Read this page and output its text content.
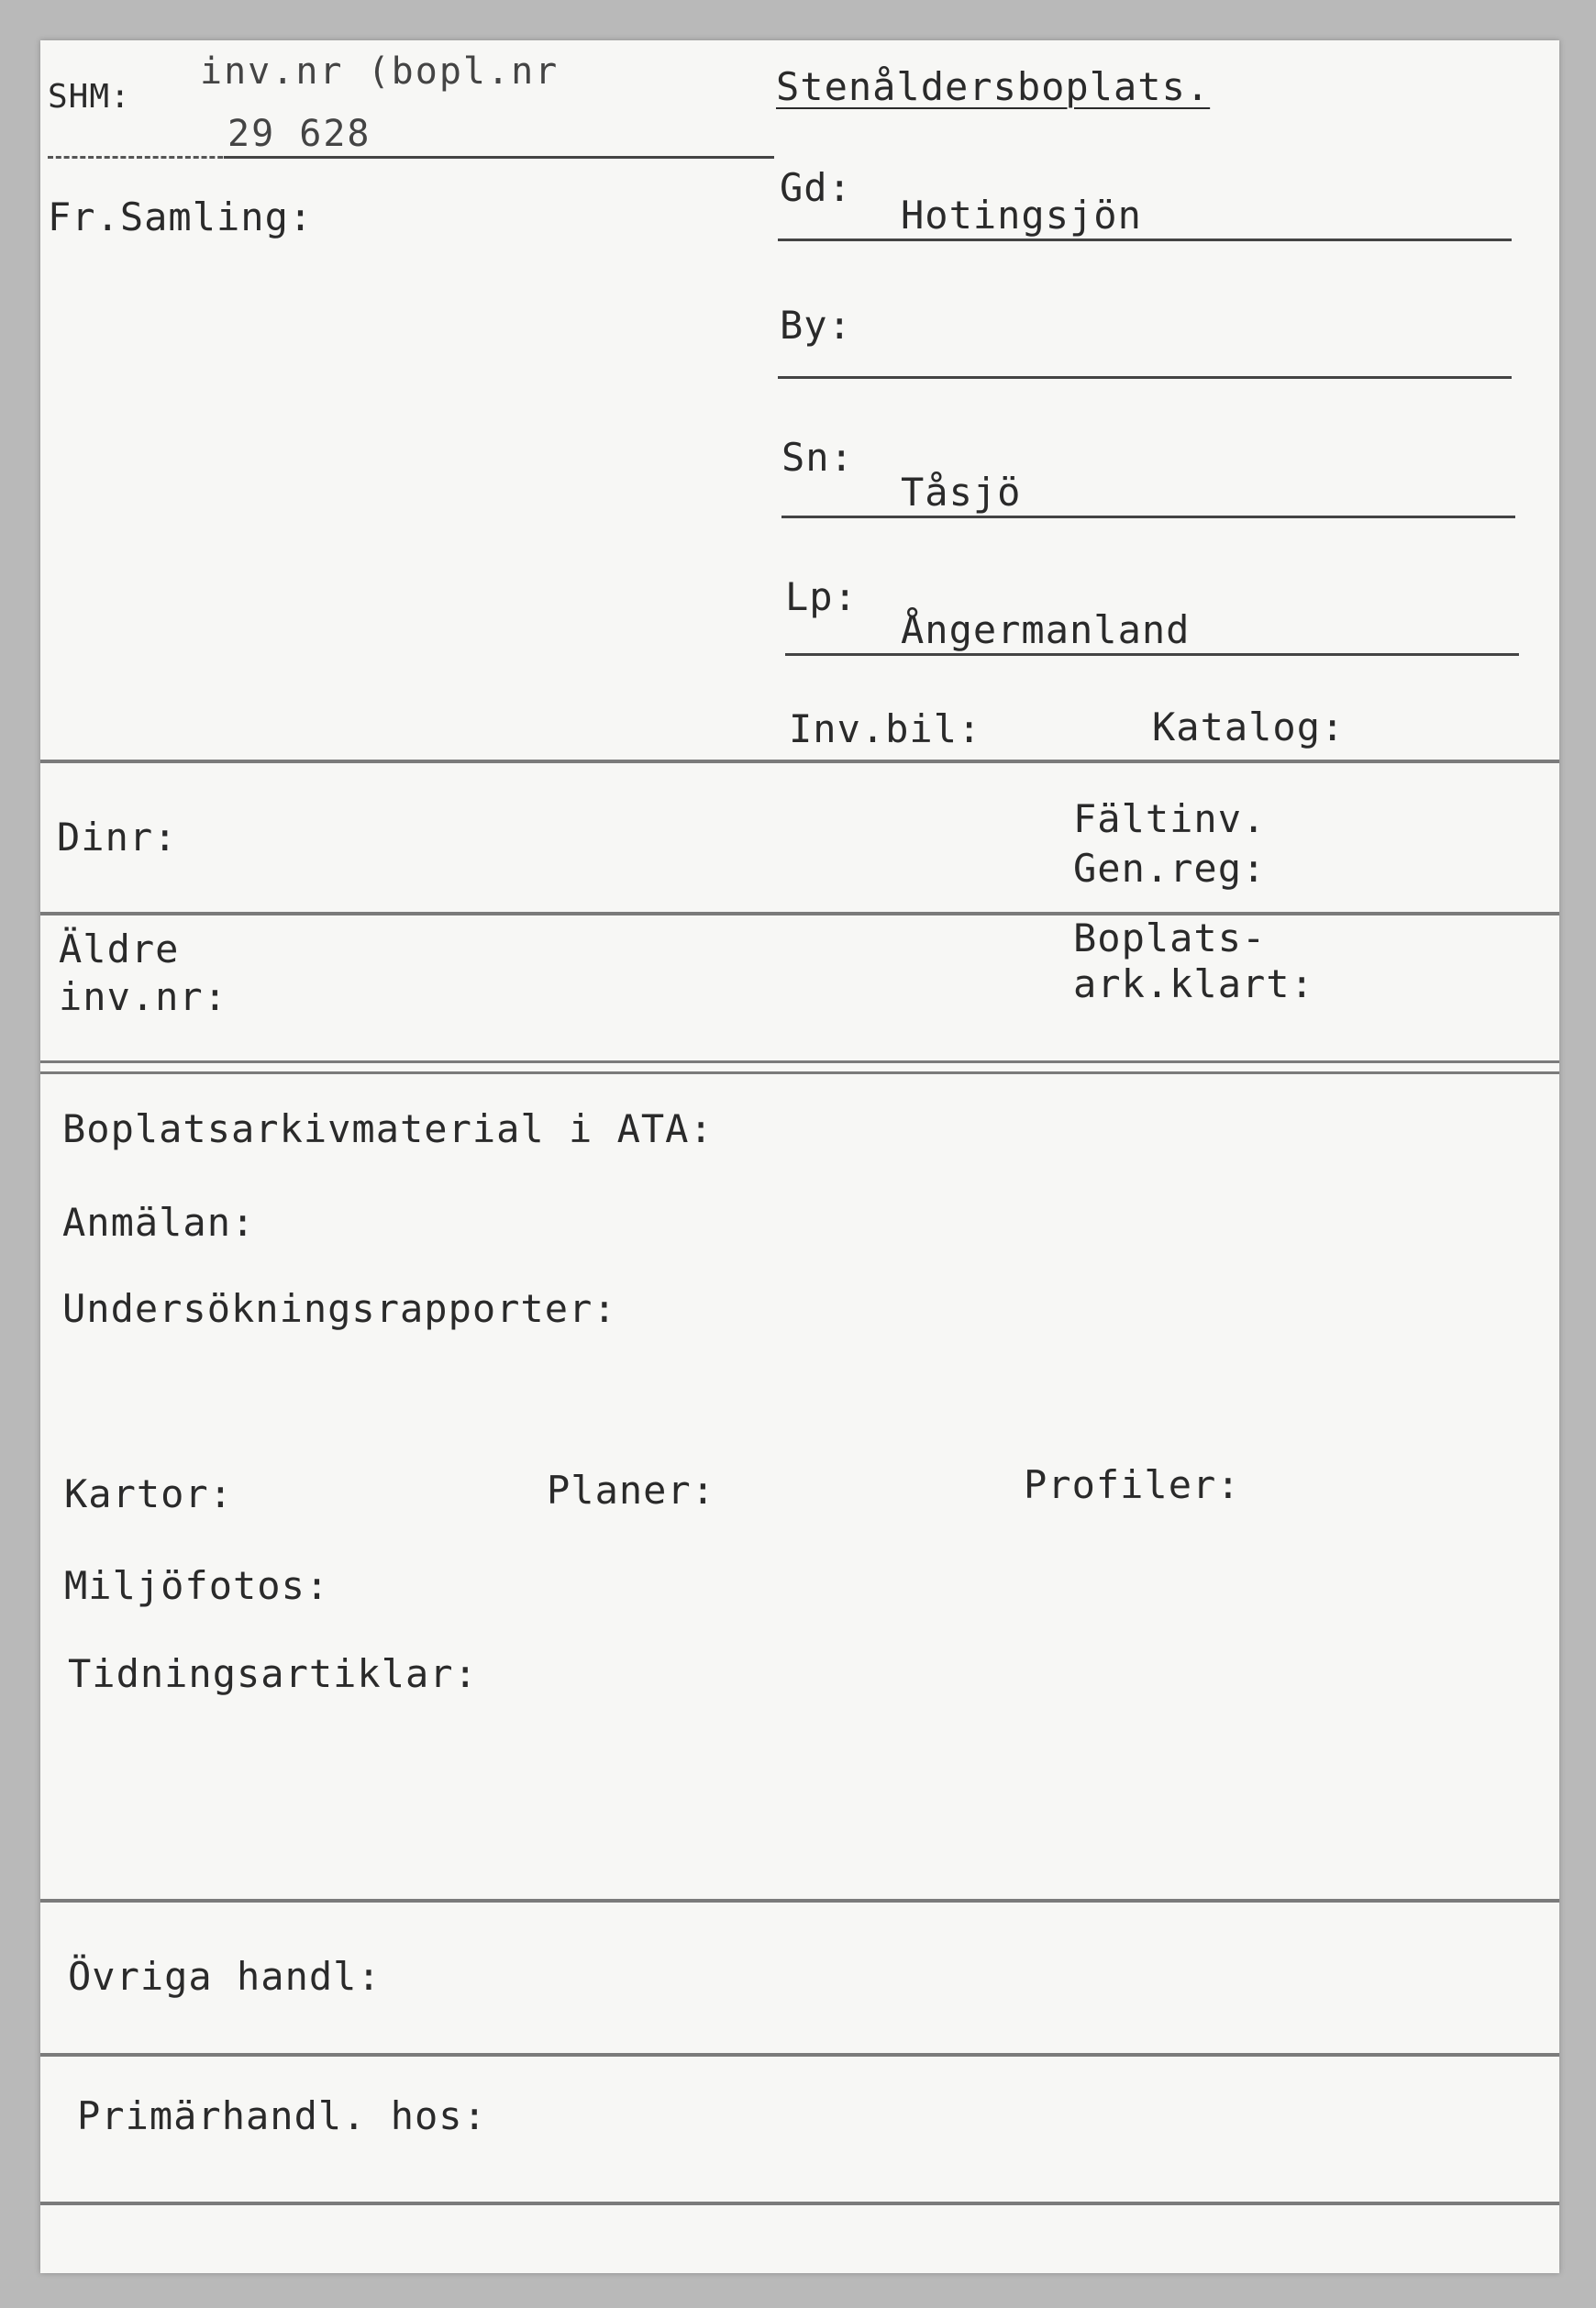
SHM:
inv.nr (bopl.nr
29 628
Stenåldersboplats.
Fr.Samling:
Gd:
Hotingsjön
By:
Sn:
Tåsjö
Lp:
Ångermanland
Inv.bil:	Katalog:
Dinr:	Fältinv.
Gen.reg:
Äldre
inv.nr:
Boplats-
ark.klart:
Boplatsarkivmaterial i ATA:
Anmälan:
Undersökningsrapporter:
Kartor:	Planer:	Profiler:
Miljöfotos:
Tidningsartiklar:
Övriga handl:
Primärhandl. hos:
